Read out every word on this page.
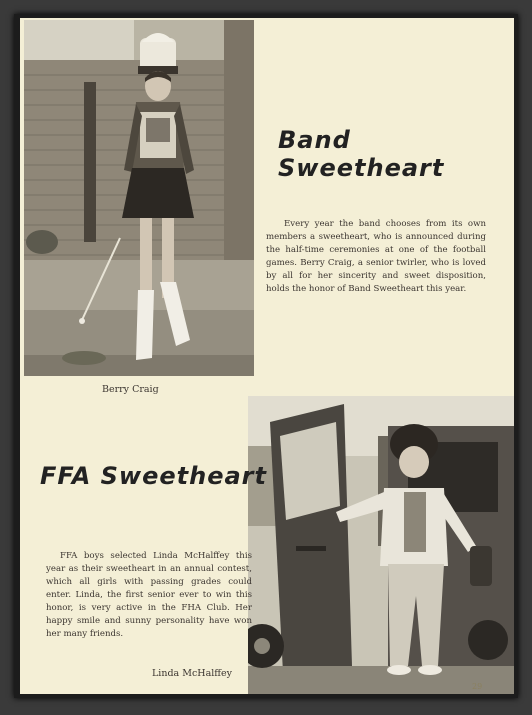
Band Sweetheart
Every year the band chooses from its own members a sweetheart, who is announced during the half-time ceremonies at one of the football games. Berry Craig, a senior twirler, who is loved by all for her sincerity and sweet disposition, holds the honor of Band Sweetheart this year.
Berry Craig
FFA Sweetheart
FFA boys selected Linda McHalffey this year as their sweetheart in an annual contest, which all girls with passing grades could enter. Linda, the first senior ever to win this honor, is very active in the FHA Club. Her happy smile and sunny personality have won her many friends.
Linda McHalffey
29
